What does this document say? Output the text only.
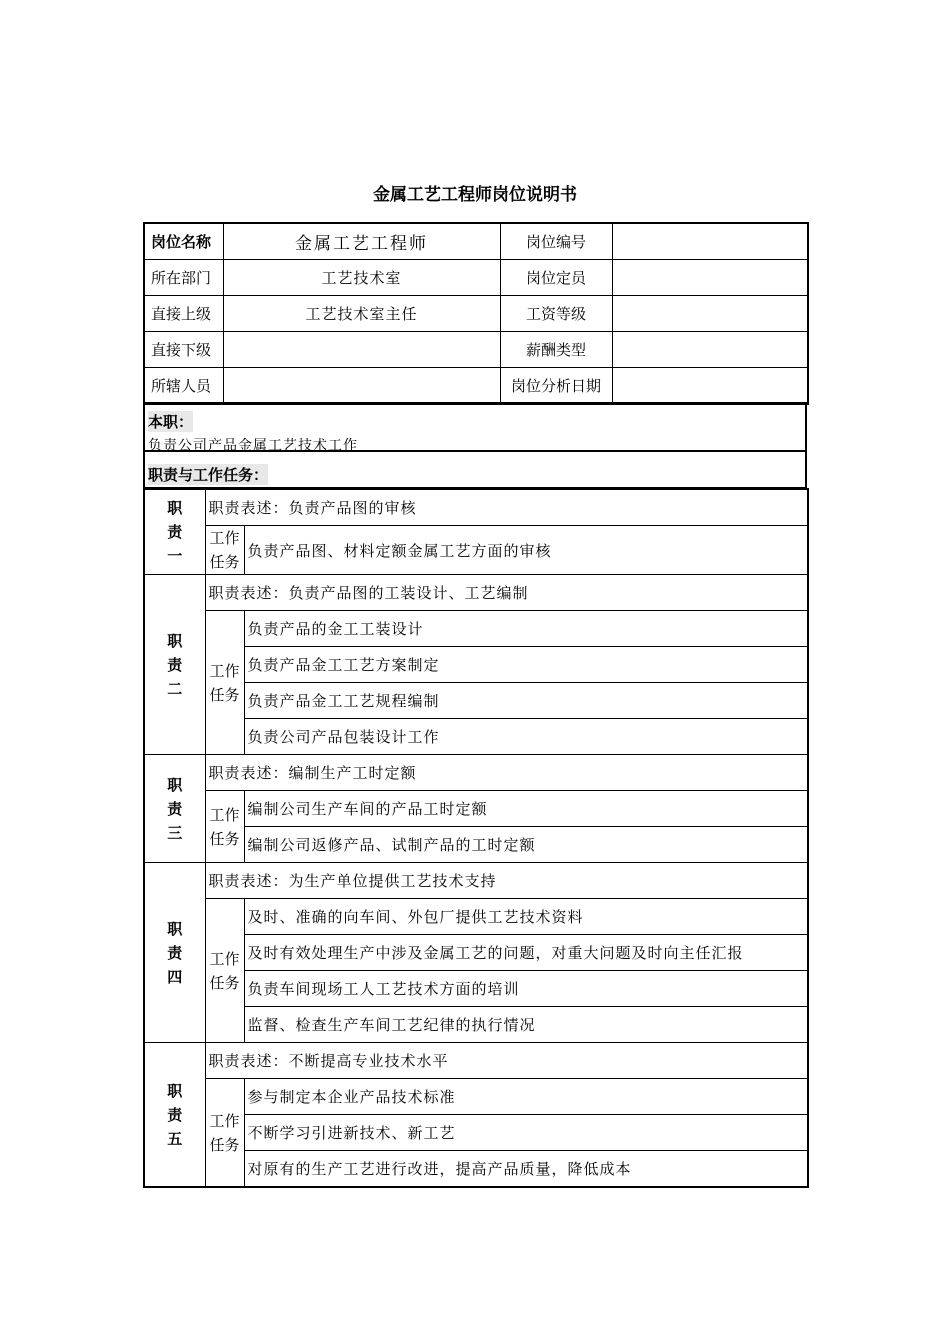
金属工艺工程师岗位说明书
岗位名称	金属工艺工程师	岗位编号	
所在部门	工艺技术室	岗位定员	
直接上级	工艺技术室主任	工资等级	
直接下级		薪酬类型	
所辖人员		岗位分析日期	
本职：
负责公司产品金属工艺技术工作
职责与工作任务：
职责一	职责表述：负责产品图的审核	
	工作任务	负责产品图、材料定额金属工艺方面的审核
职责二	职责表述：负责产品图的工装设计、工艺编制	
	工作任务	负责产品的金工工装设计
		负责产品金工工艺方案制定
		负责产品金工工艺规程编制
		负责公司产品包装设计工作
职责三	职责表述：编制生产工时定额	
	工作任务	编制公司生产车间的产品工时定额
		编制公司返修产品、试制产品的工时定额
职责四	职责表述：为生产单位提供工艺技术支持	
	工作任务	及时、准确的向车间、外包厂提供工艺技术资料
		及时有效处理生产中涉及金属工艺的问题，对重大问题及时向主任汇报
		负责车间现场工人工艺技术方面的培训
		监督、检查生产车间工艺纪律的执行情况
职责五	职责表述：不断提高专业技术水平	
	工作任务	参与制定本企业产品技术标准
		不断学习引进新技术、新工艺
		对原有的生产工艺进行改进，提高产品质量，降低成本
